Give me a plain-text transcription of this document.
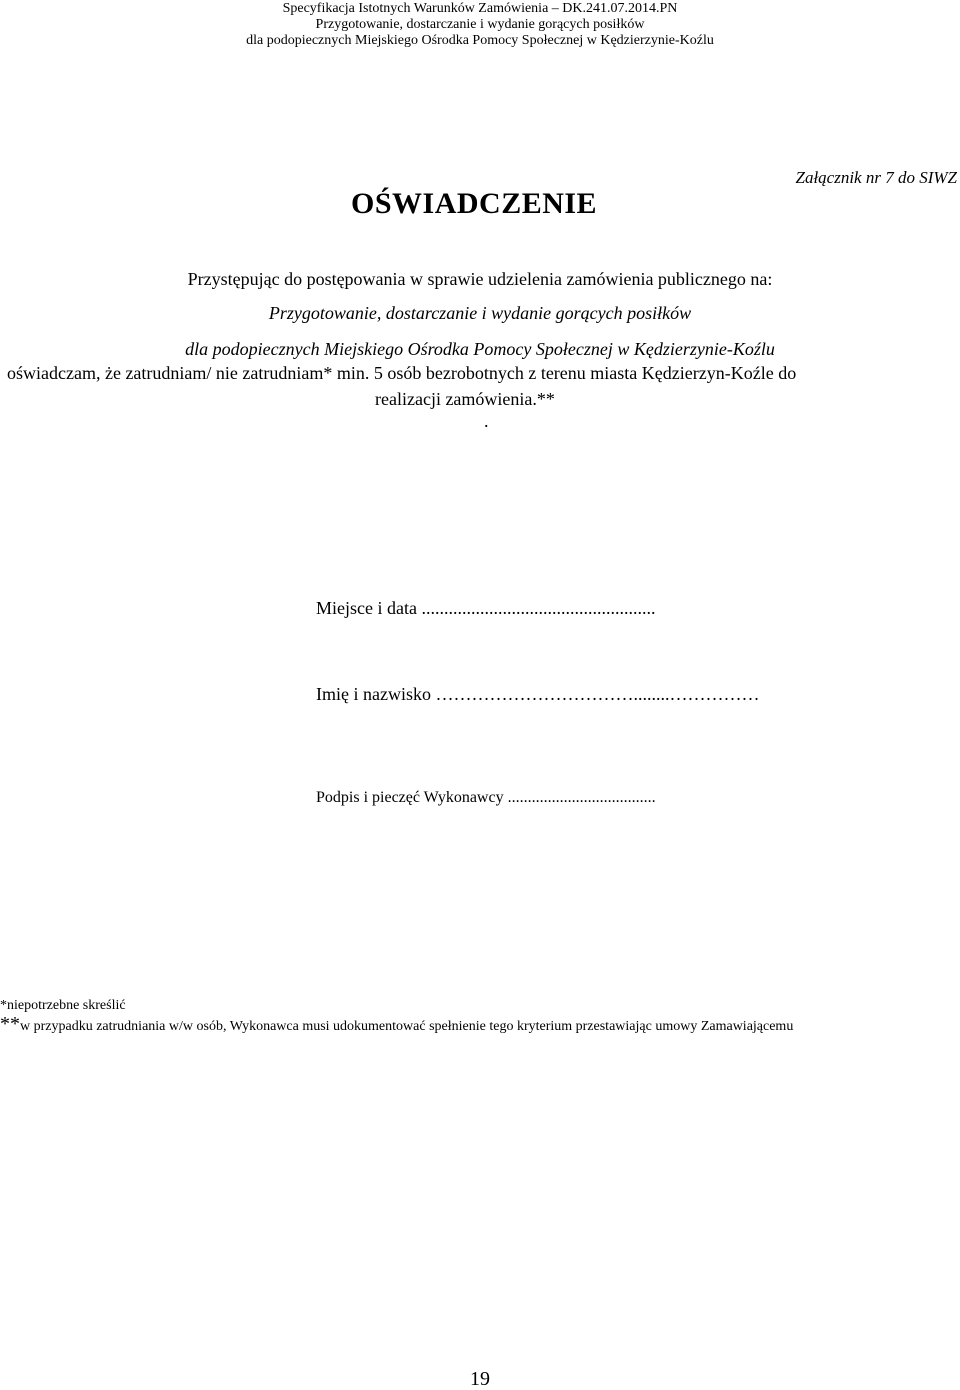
Specyfikacja Istotnych Warunków Zamówienia – DK.241.07.2014.PN
Przygotowanie, dostarczanie i wydanie gorących posiłków
dla podopiecznych Miejskiego Ośrodka Pomocy Społecznej w Kędzierzynie-Koźlu
Załącznik nr 7 do SIWZ
OŚWIADCZENIE
Przystępując do postępowania w sprawie udzielenia zamówienia publicznego na:
Przygotowanie, dostarczanie i wydanie gorących posiłków
dla podopiecznych Miejskiego Ośrodka Pomocy Społecznej w Kędzierzynie-Koźlu
oświadczam, że zatrudniam/ nie zatrudniam* min. 5 osób bezrobotnych z terenu miasta Kędzierzyn-Koźle do
realizacji zamówienia.**
.
Miejsce i data ....................................................
Imię i nazwisko ……………………………........……………
Podpis i pieczęć Wykonawcy .....................................
*niepotrzebne skreślić
**w przypadku zatrudniania w/w osób, Wykonawca musi udokumentować spełnienie tego kryterium przestawiając umowy Zamawiającemu
19
